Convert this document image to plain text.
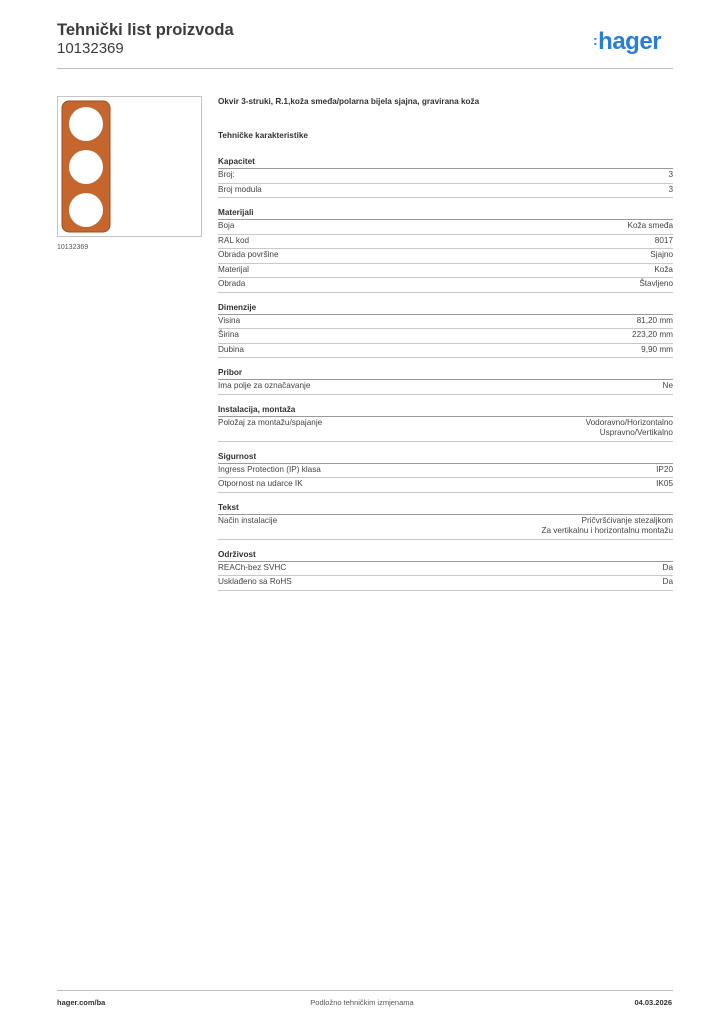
Tehnički list proizvoda
10132369	:hager
10132369
Okvir 3-struki, R.1,koža smeđa/polarna bijela sjajna, gravirana koža
Tehničke karakteristike
Kapacitet
Broj:	3
Broj modula	3
Materijali
Boja	Koža smeđa
RAL kod	8017
Obrada površine	Sjajno
Materijal	Koža
Obrada	Štavljeno
Dimenzije
Visina	81,20 mm
Širina	223,20 mm
Dubina	9,90 mm
Pribor
Ima polje za označavanje	Ne
Instalacija, montaža
Položaj za montažu/spajanje	Vodoravno/Horizontalno
Uspravno/Vertikalno
Sigurnost
Ingress Protection (IP) klasa	IP20
Otpornost na udarce IK	IK05
Tekst
Način instalacije	Pričvršćivanje stezaljkom
Za vertikalnu i horizontalnu montažu
Održivost
REACh-bez SVHC	Da
Usklađeno sa RoHS	Da
hager.com/ba	Podložno tehničkim izmjenama	04.03.2026
